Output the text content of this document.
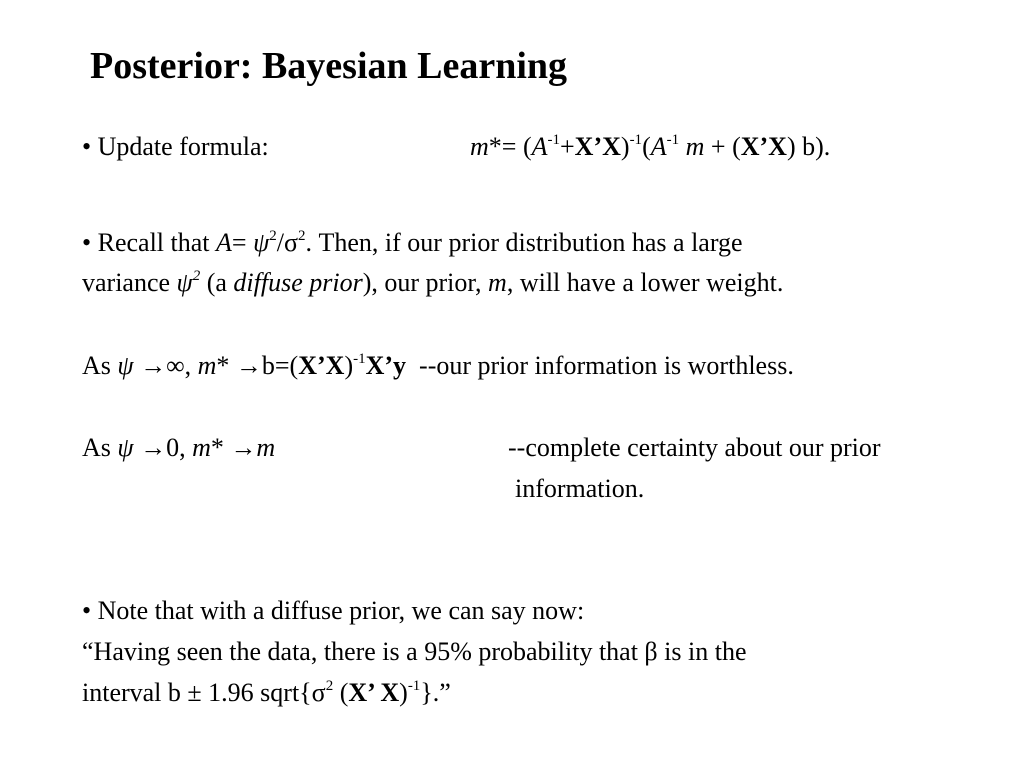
Posterior: Bayesian Learning
• Update formula:	$m*= (A^{-1}+X’X)^{-1}(A^{-1}$ m + (X’X) b).
• Recall that $A= \psi^2/\sigma^2$. Then, if our prior distribution has a large
variance $\psi^2$ (a diffuse prior), our prior, m, will have a lower weight.
As ψ →∞, m* →b=(X’X)$^{-1}$X’y  --our prior information is worthless.
As ψ →0, m* →m	--complete certainty about our prior
information.
• Note that with a diffuse prior, we can say now:
“Having seen the data, there is a 95% probability that β is in the
interval b ± 1.96 $sqrt\{\sigma^2$ (X’ X)$^{-1}$}.”
